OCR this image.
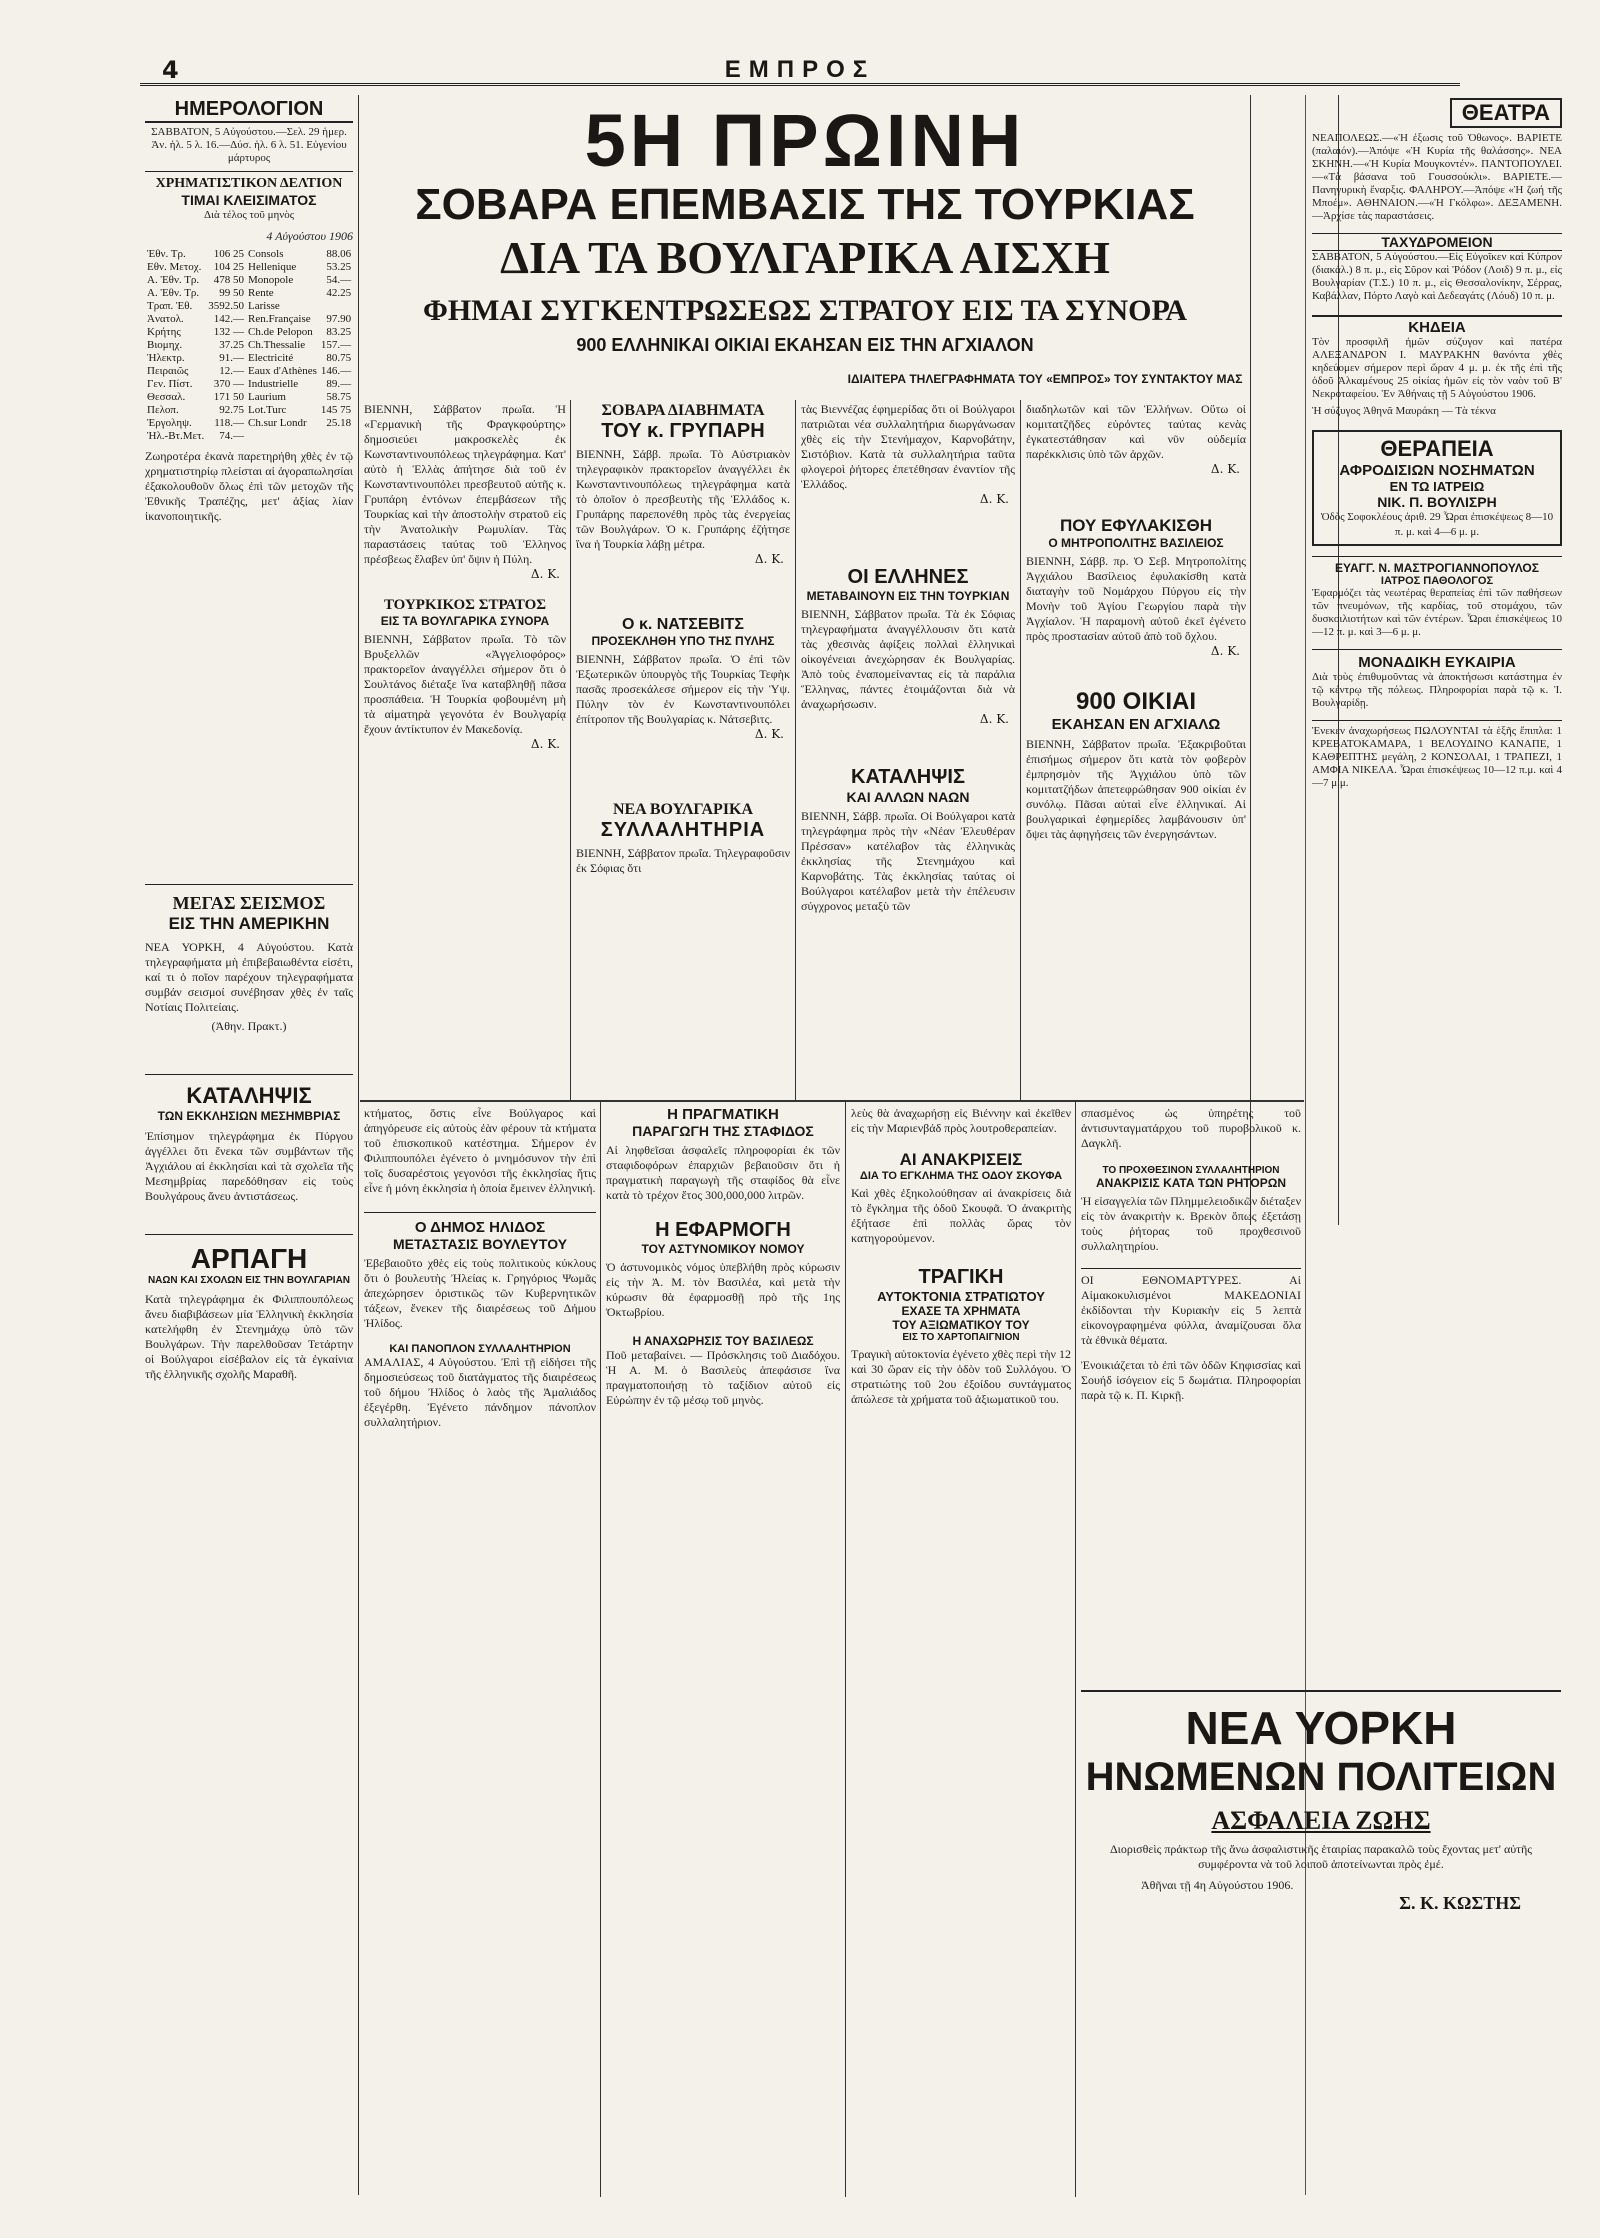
4	ΕΜΠΡΟΣ
5Η ΠΡΩΙΝΗ
ΣΟΒΑΡΑ ΕΠΕΜΒΑΣΙΣ ΤΗΣ ΤΟΥΡΚΙΑΣ
ΔΙΑ ΤΑ ΒΟΥΛΓΑΡΙΚΑ ΑΙΣΧΗ
ΦΗΜΑΙ ΣΥΓΚΕΝΤΡΩΣΕΩΣ ΣΤΡΑΤΟΥ ΕΙΣ ΤΑ ΣΥΝΟΡΑ
900 ΕΛΛΗΝΙΚΑΙ ΟΙΚΙΑΙ ΕΚΑΗΣΑΝ ΕΙΣ ΤΗΝ ΑΓΧΙΑΛΟΝ
ΙΔΙΑΙΤΕΡΑ ΤΗΛΕΓΡΑΦΗΜΑΤΑ ΤΟΥ «ΕΜΠΡΟΣ» ΤΟΥ ΣΥΝΤΑΚΤΟΥ ΜΑΣ
ΗΜΕΡΟΛΟΓΙΟΝ
ΣΑΒΒΑΤΟΝ, 5 Αὐγούστου.—Σελ. 29 ἡμερ. Ἀν. ἡλ. 5 λ. 16.—Δύσ. ἡλ. 6 λ. 51. Εὐγενίου μάρτυρος
ΧΡΗΜΑΤΙΣΤΙΚΟΝ ΔΕΛΤΙΟΝ
ΤΙΜΑΙ ΚΛΕΙΣΙΜΑΤΟΣ
Διὰ τέλος τοῦ μηνὸς
4 Αὐγούστου 1906
Ἐθν. Τρ.	106 25	Consols	88.06
Εθν. Μετοχ.	104 25	Hellenique	53.25
Α. Ἐθν. Τρ.	478 50	Monopole	54.—
Α. Ἐθν. Τρ.	99 50	Rente	42.25
Τραπ. Ἐθ.	3592.50	Larisse	
Ἀνατολ.	142.—	Ren.Française	97.90
Κρήτης	132 —	Ch.de Pelopon	83.25
Βιομηχ.	37.25	Ch.Thessalie	157.—
Ἠλεκτρ.	91.—	Electricité	80.75
Πειραιῶς	12.—	Eaux d'Athènes	146.—
Γεν. Πίστ.	370 —	Industrielle	89.—
Θεσσαλ.	171 50	Laurium	58.75
Πελοπ.	92.75	Lot.Turc	145 75
Ἐργοληψ.	118.—	Ch.sur Londr	25.18
Ἠλ.-Βτ.Μετ.	74.—		
Ζωηροτέρα ἐκανὰ παρετηρήθη χθὲς ἐν τῷ χρηματιστηρίῳ πλείσται αἱ ἀγοραπωλησίαι ἐξακολουθοῦν ὅλως ἐπὶ τῶν μετοχῶν τῆς Ἐθνικῆς Τραπέζης, μετ' ἀξίας λίαν ἱκανοποιητικῆς.
ΜΕΓΑΣ ΣΕΙΣΜΟΣ
ΕΙΣ ΤΗΝ ΑΜΕΡΙΚΗΝ
ΝΕΑ ΥΟΡΚΗ, 4 Αὐγούστου. Κατὰ τηλεγραφήματα μὴ ἐπιβεβαιωθέντα εἰσέτι, καί τι ὁ ποῖον παρέχουν τηλεγραφήματα συμβάν σεισμοί συνέβησαν χθὲς ἐν ταῖς Νοτίαις Πολιτείαις.
(Ἀθην. Πρακτ.)
ΚΑΤΑΛΗΨΙΣ
ΤΩΝ ΕΚΚΛΗΣΙΩΝ ΜΕΣΗΜΒΡΙΑΣ
Ἐπίσημον τηλεγράφημα ἐκ Πύργου ἀγγέλλει ὅτι ἕνεκα τῶν συμβάντων τῆς Ἀγχιάλου αἱ ἐκκλησίαι καὶ τὰ σχολεῖα τῆς Μεσημβρίας παρεδόθησαν εἰς τοὺς Βουλγάρους ἄνευ ἀντιστάσεως.
ΑΡΠΑΓΗ
ΝΑΩΝ ΚΑΙ ΣΧΟΛΩΝ ΕΙΣ ΤΗΝ ΒΟΥΛΓΑΡΙΑΝ
Κατὰ τηλεγράφημα ἐκ Φιλιππουπόλεως ἄνευ διαβιβάσεων μία Ἑλληνικὴ ἐκκλησία κατελήφθη ἐν Στενημάχῳ ὑπὸ τῶν Βουλγάρων. Τὴν παρελθοῦσαν Τετάρτην οἱ Βούλγαροι εἰσέβαλον εἰς τὰ ἐγκαίνια τῆς ἑλληνικῆς σχολῆς Μαραθῆ.
ΒΙΕΝΝΗ, Σάββατον πρωΐα. Ἡ «Γερμανικὴ τῆς Φραγκφούρτης» δημοσιεύει μακροσκελὲς ἐκ Κωνσταντινουπόλεως τηλεγράφημα. Κατ' αὐτὸ ἡ Ἑλλὰς ἀπήτησε διὰ τοῦ ἐν Κωνσταντινουπόλει πρεσβευτοῦ αὐτῆς κ. Γρυπάρη ἐντόνων ἐπεμβάσεων τῆς Τουρκίας καὶ τὴν ἀποστολὴν στρατοῦ εἰς τὴν Ἀνατολικὴν Ρωμυλίαν. Τὰς παραστάσεις ταύτας τοῦ Ἑλληνος πρέσβεως ἔλαβεν ὑπ' ὄψιν ἡ Πύλη.
Δ. Κ.
ΤΟΥΡΚΙΚΟΣ ΣΤΡΑΤΟΣ
ΕΙΣ ΤΑ ΒΟΥΛΓΑΡΙΚΑ ΣΥΝΟΡΑ
ΒΙΕΝΝΗ, Σάββατον πρωΐα. Τὸ τῶν Βρυξελλῶν «Ἀγγελιοφόρος» πρακτορεῖον ἀναγγέλλει σήμερον ὅτι ὁ Σουλτάνος διέταξε ἵνα καταβληθῇ πᾶσα προσπάθεια. Ἡ Τουρκία φοβουμένη μὴ τὰ αἱματηρὰ γεγονότα ἐν Βουλγαρίᾳ ἔχουν ἀντίκτυπον ἐν Μακεδονίᾳ.
Δ. Κ.
ΣΟΒΑΡΑ ΔΙΑΒΗΜΑΤΑ
ΤΟΥ κ. ΓΡΥΠΑΡΗ
ΒΙΕΝΝΗ, Σάββ. πρωΐα. Τὸ Αὐστριακὸν τηλεγραφικὸν πρακτορεῖον ἀναγγέλλει ἐκ Κωνσταντινουπόλεως τηλεγράφημα κατὰ τὸ ὁποῖον ὁ πρεσβευτὴς τῆς Ἑλλάδος κ. Γρυπάρης παρεπονέθη πρὸς τὰς ἐνεργείας τῶν Βουλγάρων. Ὁ κ. Γρυπάρης ἐζήτησε ἵνα ἡ Τουρκία λάβῃ μέτρα.
Δ. Κ.
Ο κ. ΝΑΤΣΕΒΙΤΣ
ΠΡΟΣΕΚΛΗΘΗ ΥΠΟ ΤΗΣ ΠΥΛΗΣ
ΒΙΕΝΝΗ, Σάββατον πρωΐα. Ὁ ἐπὶ τῶν Ἐξωτερικῶν ὑπουργὸς τῆς Τουρκίας Τεφὴκ πασᾶς προσεκάλεσε σήμερον εἰς τὴν Ὑψ. Πύλην τὸν ἐν Κωνσταντινουπόλει ἐπίτροπον τῆς Βουλγαρίας κ. Νάτσεβιτς.
Δ. Κ.
ΝΕΑ ΒΟΥΛΓΑΡΙΚΑ
ΣΥΛΛΑΛΗΤΗΡΙΑ
ΒΙΕΝΝΗ, Σάββατον πρωΐα. Τηλεγραφοῦσιν ἐκ Σόφιας ὅτι
τὰς Βιεννέζας ἐφημερίδας ὅτι οἱ Βούλγαροι πατριῶται νέα συλλαλητήρια διωργάνωσαν χθὲς εἰς τὴν Στενήμαχον, Καρνοβάτην, Σιστόβιον. Κατὰ τὰ συλλαλητήρια ταῦτα φλογεροὶ ῥήτορες ἐπετέθησαν ἐναντίον τῆς Ἑλλάδος.
Δ. Κ.
ΟΙ ΕΛΛΗΝΕΣ
ΜΕΤΑΒΑΙΝΟΥΝ ΕΙΣ ΤΗΝ ΤΟΥΡΚΙΑΝ
ΒΙΕΝΝΗ, Σάββατον πρωΐα. Τὰ ἐκ Σόφιας τηλεγραφήματα ἀναγγέλλουσιν ὅτι κατὰ τὰς χθεσινὰς ἀφίξεις πολλαὶ ἑλληνικαὶ οἰκογένειαι ἀνεχώρησαν ἐκ Βουλγαρίας. Ἀπὸ τοὺς ἐναπομείναντας εἰς τὰ παράλια Ἕλληνας, πάντες ἑτοιμάζονται διὰ νὰ ἀναχωρήσωσιν.
Δ. Κ.
ΚΑΤΑΛΗΨΙΣ
ΚΑΙ ΑΛΛΩΝ ΝΑΩΝ
ΒΙΕΝΝΗ, Σάββ. πρωΐα. Οἱ Βούλγαροι κατὰ τηλεγράφημα πρὸς τὴν «Νέαν Ἐλευθέραν Πρέσσαν» κατέλαβον τὰς ἐλληνικὰς ἐκκλησίας τῆς Στενημάχου καὶ Καρνοβάτης. Τὰς ἐκκλησίας ταύτας οἱ Βούλγαροι κατέλαβον μετὰ τὴν ἐπέλευσιν σύγχρονος μεταξὺ τῶν
διαδηλωτῶν καὶ τῶν Ἑλλήνων. Οὕτω οἱ κομιτατζῆδες εὑρόντες ταύτας κενὰς ἐγκατεστάθησαν καὶ νῦν οὐδεμία παρέκκλισις ὑπὸ τῶν ἀρχῶν.
Δ. Κ.
ΠΟΥ ΕΦΥΛΑΚΙΣΘΗ
Ο ΜΗΤΡΟΠΟΛΙΤΗΣ ΒΑΣΙΛΕΙΟΣ
ΒΙΕΝΝΗ, Σάββ. πρ. Ὁ Σεβ. Μητροπολίτης Ἀγχιάλου Βασίλειος ἐφυλακίσθη κατὰ διαταγὴν τοῦ Νομάρχου Πύργου εἰς τὴν Μονὴν τοῦ Ἁγίου Γεωργίου παρὰ τὴν Ἀγχίαλον. Ἡ παραμονὴ αὐτοῦ ἐκεῖ ἐγένετο πρὸς προστασίαν αὐτοῦ ἀπὸ τοῦ ὄχλου.
Δ. Κ.
900 ΟΙΚΙΑΙ
ΕΚΑΗΣΑΝ ΕΝ ΑΓΧΙΑΛΩ
ΒΙΕΝΝΗ, Σάββατον πρωΐα. Ἐξακριβοῦται ἐπισήμως σήμερον ὅτι κατὰ τὸν φοβερὸν ἐμπρησμὸν τῆς Ἀγχιάλου ὑπὸ τῶν κομιτατζήδων ἀπετεφρώθησαν 900 οἰκίαι ἐν συνόλῳ. Πᾶσαι αὐταὶ εἶνε ἑλληνικαί. Αἱ βουλγαρικαὶ ἐφημερίδες λαμβάνουσιν ὑπ' ὄψει τὰς ἀφηγήσεις τῶν ἐνεργησάντων.
ΘΕΑΤΡΑ
ΝΕΑΠΟΛΕΩΣ.—«Ἡ ἐξωσις τοῦ Ὀθωνος». ΒΑΡΙΕΤΕ (παλαιόν).—Ἀπόψε «Ἡ Κυρία τῆς θαλάσσης». ΝΕΑ ΣΚΗΝΗ.—«Ἡ Κυρία Μουγκοντέν». ΠΑΝΤΟΠΟΥΛΕΙ.—«Τὰ βάσανα τοῦ Γουσσούκλι». ΒΑΡΙΕΤΕ.—Πανηγυρικὴ ἔναρξις. ΦΑΛΗΡΟΥ.—Ἀπόψε «Ἡ ζωή τῆς Μποέμ». ΑΘΗΝΑΙΟΝ.—«Ἡ Γκόλφω». ΔΕΞΑΜΕΝΗ.—Ἀρχίσε τὰς παραστάσεις.
ΤΑΧΥΔΡΟΜΕΙΟΝ
ΣΑΒΒΑΤΟΝ, 5 Αὐγούστου.—Εἰς Εὐγοῖκεν καὶ Κύπρον (διακάλ.) 8 π. μ., εἰς Σῦρον καὶ Ῥόδον (Λοιδ) 9 π. μ., εἰς Βουλγαρίαν (Τ.Σ.) 10 π. μ., εἰς Θεσσαλονίκην, Σέρρας, Καβάλλαν, Πόρτο Λαγὸ καὶ Δεδεαγάτς (Λόυδ) 10 π. μ.
ΚΗΔΕΙΑ
Τὸν προσφιλῆ ἡμῶν σύζυγον καὶ πατέρα ΑΛΕΞΑΝΔΡΟΝ Ι. ΜΑΥΡΑΚΗΝ θανόντα χθὲς κηδεύομεν σήμερον περὶ ὥραν 4 μ. μ. ἐκ τῆς ἐπὶ τῆς ὁδοῦ Ἀλκαμένους 25 οἰκίας ἡμῶν εἰς τὸν ναὸν τοῦ Β' Νεκροταφείου. Ἐν Ἀθήναις τῇ 5 Αὐγούστου 1906.
Ἡ σύζυγος Ἀθηνᾶ Μαυράκη — Τὰ τέκνα
ΘΕΡΑΠΕΙΑ
ΑΦΡΟΔΙΣΙΩΝ ΝΟΣΗΜΑΤΩΝ
ΕΝ ΤΩ ΙΑΤΡΕΙΩ
ΝΙΚ. Π. ΒΟΥΛΙΣΡΗ
Ὁδὸς Σοφοκλέους ἀριθ. 29 Ὧραι ἐπισκέψεως 8—10 π. μ. καὶ 4—6 μ. μ.
ΕΥΑΓΓ. Ν. ΜΑΣΤΡΟΓΙΑΝΝΟΠΟΥΛΟΣ
ΙΑΤΡΟΣ ΠΑΘΟΛΟΓΟΣ
Ἐφαρμόζει τὰς νεωτέρας θεραπείας ἐπὶ τῶν παθήσεων τῶν πνευμόνων, τῆς καρδίας, τοῦ στομάχου, τῶν δυσκοιλιοτήτων καὶ τῶν ἐντέρων. Ὧραι ἐπισκέψεως 10—12 π. μ. καὶ 3—6 μ. μ.
ΜΟΝΑΔΙΚΗ ΕΥΚΑΙΡΙΑ
Διὰ τοὺς ἐπιθυμοῦντας νὰ ἀποκτήσωσι κατάστημα ἐν τῷ κέντρῳ τῆς πόλεως. Πληροφορίαι παρὰ τῷ κ. Ἰ. Βουλγαρίδῃ.
Ἐνεκεν ἀναχωρήσεως ΠΩΛΟΥΝΤΑΙ τὰ ἑξῆς ἔπιπλα: 1 ΚΡΕΒΑΤΟΚΑΜΑΡΑ, 1 ΒΕΛΟΥΔΙΝΟ ΚΑΝΑΠΕ, 1 ΚΑΘΡΕΠΤΗΣ μεγάλη, 2 ΚΟΝΣΟΛΑΙ, 1 ΤΡΑΠΕΖΙ, 1 ΑΜΦΙΑ ΝΙΚΕΛΑ. Ὧραι ἐπισκέψεως 10—12 π.μ. καὶ 4—7 μ.μ.
κτήματος, ὅστις εἶνε Βούλγαρος καὶ ἀπηγόρευσε εἰς αὐτοὺς ἐὰν φέρουν τὰ κτήματα τοῦ ἐπισκοπικοῦ κατέστημα. Σήμερον ἐν Φιλιππουπόλει ἐγένετο ὁ μνημόσυνον τὴν ἐπὶ τοῖς δυσαρέστοις γεγονόσι τῆς ἐκκλησίας ἥτις εἶνε ἡ μόνη ἐκκλησία ἡ ὁποία ἔμεινεν ἑλληνική.
Ο ΔΗΜΟΣ ΗΛΙΔΟΣ
ΜΕΤΑΣΤΑΣΙΣ ΒΟΥΛΕΥΤΟΥ
Ἐβεβαιοῦτο χθὲς εἰς τοὺς πολιτικοὺς κύκλους ὅτι ὁ βουλευτὴς Ἠλείας κ. Γρηγόριος Ψωμᾶς ἀπεχώρησεν ὁριστικῶς τῶν Κυβερνητικῶν τάξεων, ἕνεκεν τῆς διαιρέσεως τοῦ Δήμου Ἠλίδος.
ΚΑΙ ΠΑΝΟΠΛΟΝ ΣΥΛΛΑΛΗΤΗΡΙΟΝ
ΑΜΑΛΙΑΣ, 4 Αὐγούστου. Ἐπὶ τῇ εἰδήσει τῆς δημοσιεύσεως τοῦ διατάγματος τῆς διαιρέσεως τοῦ δήμου Ἠλίδος ὁ λαὸς τῆς Ἀμαλιάδος ἐξεγέρθη. Ἐγένετο πάνδημον πάνοπλον συλλαλητήριον.
Η ΠΡΑΓΜΑΤΙΚΗ
ΠΑΡΑΓΩΓΗ ΤΗΣ ΣΤΑΦΙΔΟΣ
Αἱ ληφθεῖσαι ἀσφαλεῖς πληροφορίαι ἐκ τῶν σταφιδοφόρων ἐπαρχιῶν βεβαιοῦσιν ὅτι ἡ πραγματικὴ παραγωγὴ τῆς σταφίδος θὰ εἶνε κατὰ τὸ τρέχον ἔτος 300,000,000 λιτρῶν.
Η ΕΦΑΡΜΟΓΗ
ΤΟΥ ΑΣΤΥΝΟΜΙΚΟΥ ΝΟΜΟΥ
Ὁ ἀστυνομικὸς νόμος ὑπεβλήθη πρὸς κύρωσιν εἰς τὴν Ἀ. Μ. τὸν Βασιλέα, καὶ μετὰ τὴν κύρωσιν θὰ ἐφαρμοσθῇ πρὸ τῆς 1ης Ὀκτωβρίου.
Η ΑΝΑΧΩΡΗΣΙΣ ΤΟΥ ΒΑΣΙΛΕΩΣ
Ποῦ μεταβαίνει. — Πρόσκλησις τοῦ Διαδόχου. Ἡ Α. Μ. ὁ Βασιλεὺς ἀπεφάσισε ἵνα πραγματοποιήσῃ τὸ ταξίδιον αὐτοῦ εἰς Εὐρώπην ἐν τῷ μέσῳ τοῦ μηνὸς.
λεὺς θὰ ἀναχωρήσῃ εἰς Βιέννην καὶ ἐκεῖθεν εἰς τὴν Μαριενβάδ πρὸς λουτροθεραπείαν.
ΑΙ ΑΝΑΚΡΙΣΕΙΣ
ΔΙΑ ΤΟ ΕΓΚΛΗΜΑ ΤΗΣ ΟΔΟΥ ΣΚΟΥΦΑ
Καὶ χθὲς ἐξηκολούθησαν αἱ ἀνακρίσεις διὰ τὸ ἔγκλημα τῆς ὁδοῦ Σκουφᾶ. Ὁ ἀνακριτὴς ἐξήτασε ἐπὶ πολλὰς ὥρας τὸν κατηγορούμενον.
ΤΡΑΓΙΚΗ
ΑΥΤΟΚΤΟΝΙΑ ΣΤΡΑΤΙΩΤΟΥ
ΕΧΑΣΕ ΤΑ ΧΡΗΜΑΤΑ
ΤΟΥ ΑΞΙΩΜΑΤΙΚΟΥ ΤΟΥ
ΕΙΣ ΤΟ ΧΑΡΤΟΠΑΙΓΝΙΟΝ
Τραγικὴ αὐτοκτονία ἐγένετο χθὲς περὶ τὴν 12 καὶ 30 ὥραν εἰς τὴν ὁδὸν τοῦ Συλλόγου. Ὁ στρατιώτης τοῦ 2ου ἐξοίδου συντάγματος ἀπώλεσε τὰ χρήματα τοῦ ἀξιωματικοῦ του.
σπασμένος ὡς ὑπηρέτης τοῦ ἀντισυνταγματάρχου τοῦ πυροβολικοῦ κ. Δαγκλῆ.
ΤΟ ΠΡΟΧΘΕΣΙΝΟΝ ΣΥΛΛΑΛΗΤΗΡΙΟΝ
ΑΝΑΚΡΙΣΙΣ ΚΑΤΑ ΤΩΝ ΡΗΤΟΡΩΝ
Ἡ εἰσαγγελία τῶν Πλημμελειοδικῶν διέταξεν εἰς τὸν ἀνακριτὴν κ. Βρεκὸν ὅπως ἐξετάσῃ τοὺς ῥήτορας τοῦ προχθεσινοῦ συλλαλητηρίου.
ΟΙ ΕΘΝΟΜΑΡΤΥΡΕΣ. Αἱ Αἱμακοκυλισμένοι ΜΑΚΕΔΟΝΙΑΙ ἐκδίδονται τὴν Κυριακὴν εἰς 5 λεπτὰ εἰκονογραφημένα φύλλα, ἀναμίζουσαι ὅλα τὰ ἐθνικὰ θέματα.
Ἐνοικιάζεται τὸ ἐπὶ τῶν ὁδῶν Κηφισσίας καὶ Σουήδ ἰσόγειον εἰς 5 δωμάτια. Πληροφορίαι παρὰ τῷ κ. Π. Κιρκῇ.
ΝΕΑ ΥΟΡΚΗ
ΗΝΩΜΕΝΩΝ ΠΟΛΙΤΕΙΩΝ
ΑΣΦΑΛΕΙΑ ΖΩΗΣ
Διορισθεὶς πράκτωρ τῆς ἄνω ἀσφαλιστικῆς ἑταιρίας παρακαλῶ τοὺς ἔχοντας μετ' αὐτῆς συμφέροντα νὰ τοῦ λοιποῦ ἀποτείνωνται πρὸς ἐμέ.
Ἀθῆναι τῇ 4η Αὐγούστου 1906.
Σ. Κ. ΚΩΣΤΗΣ
